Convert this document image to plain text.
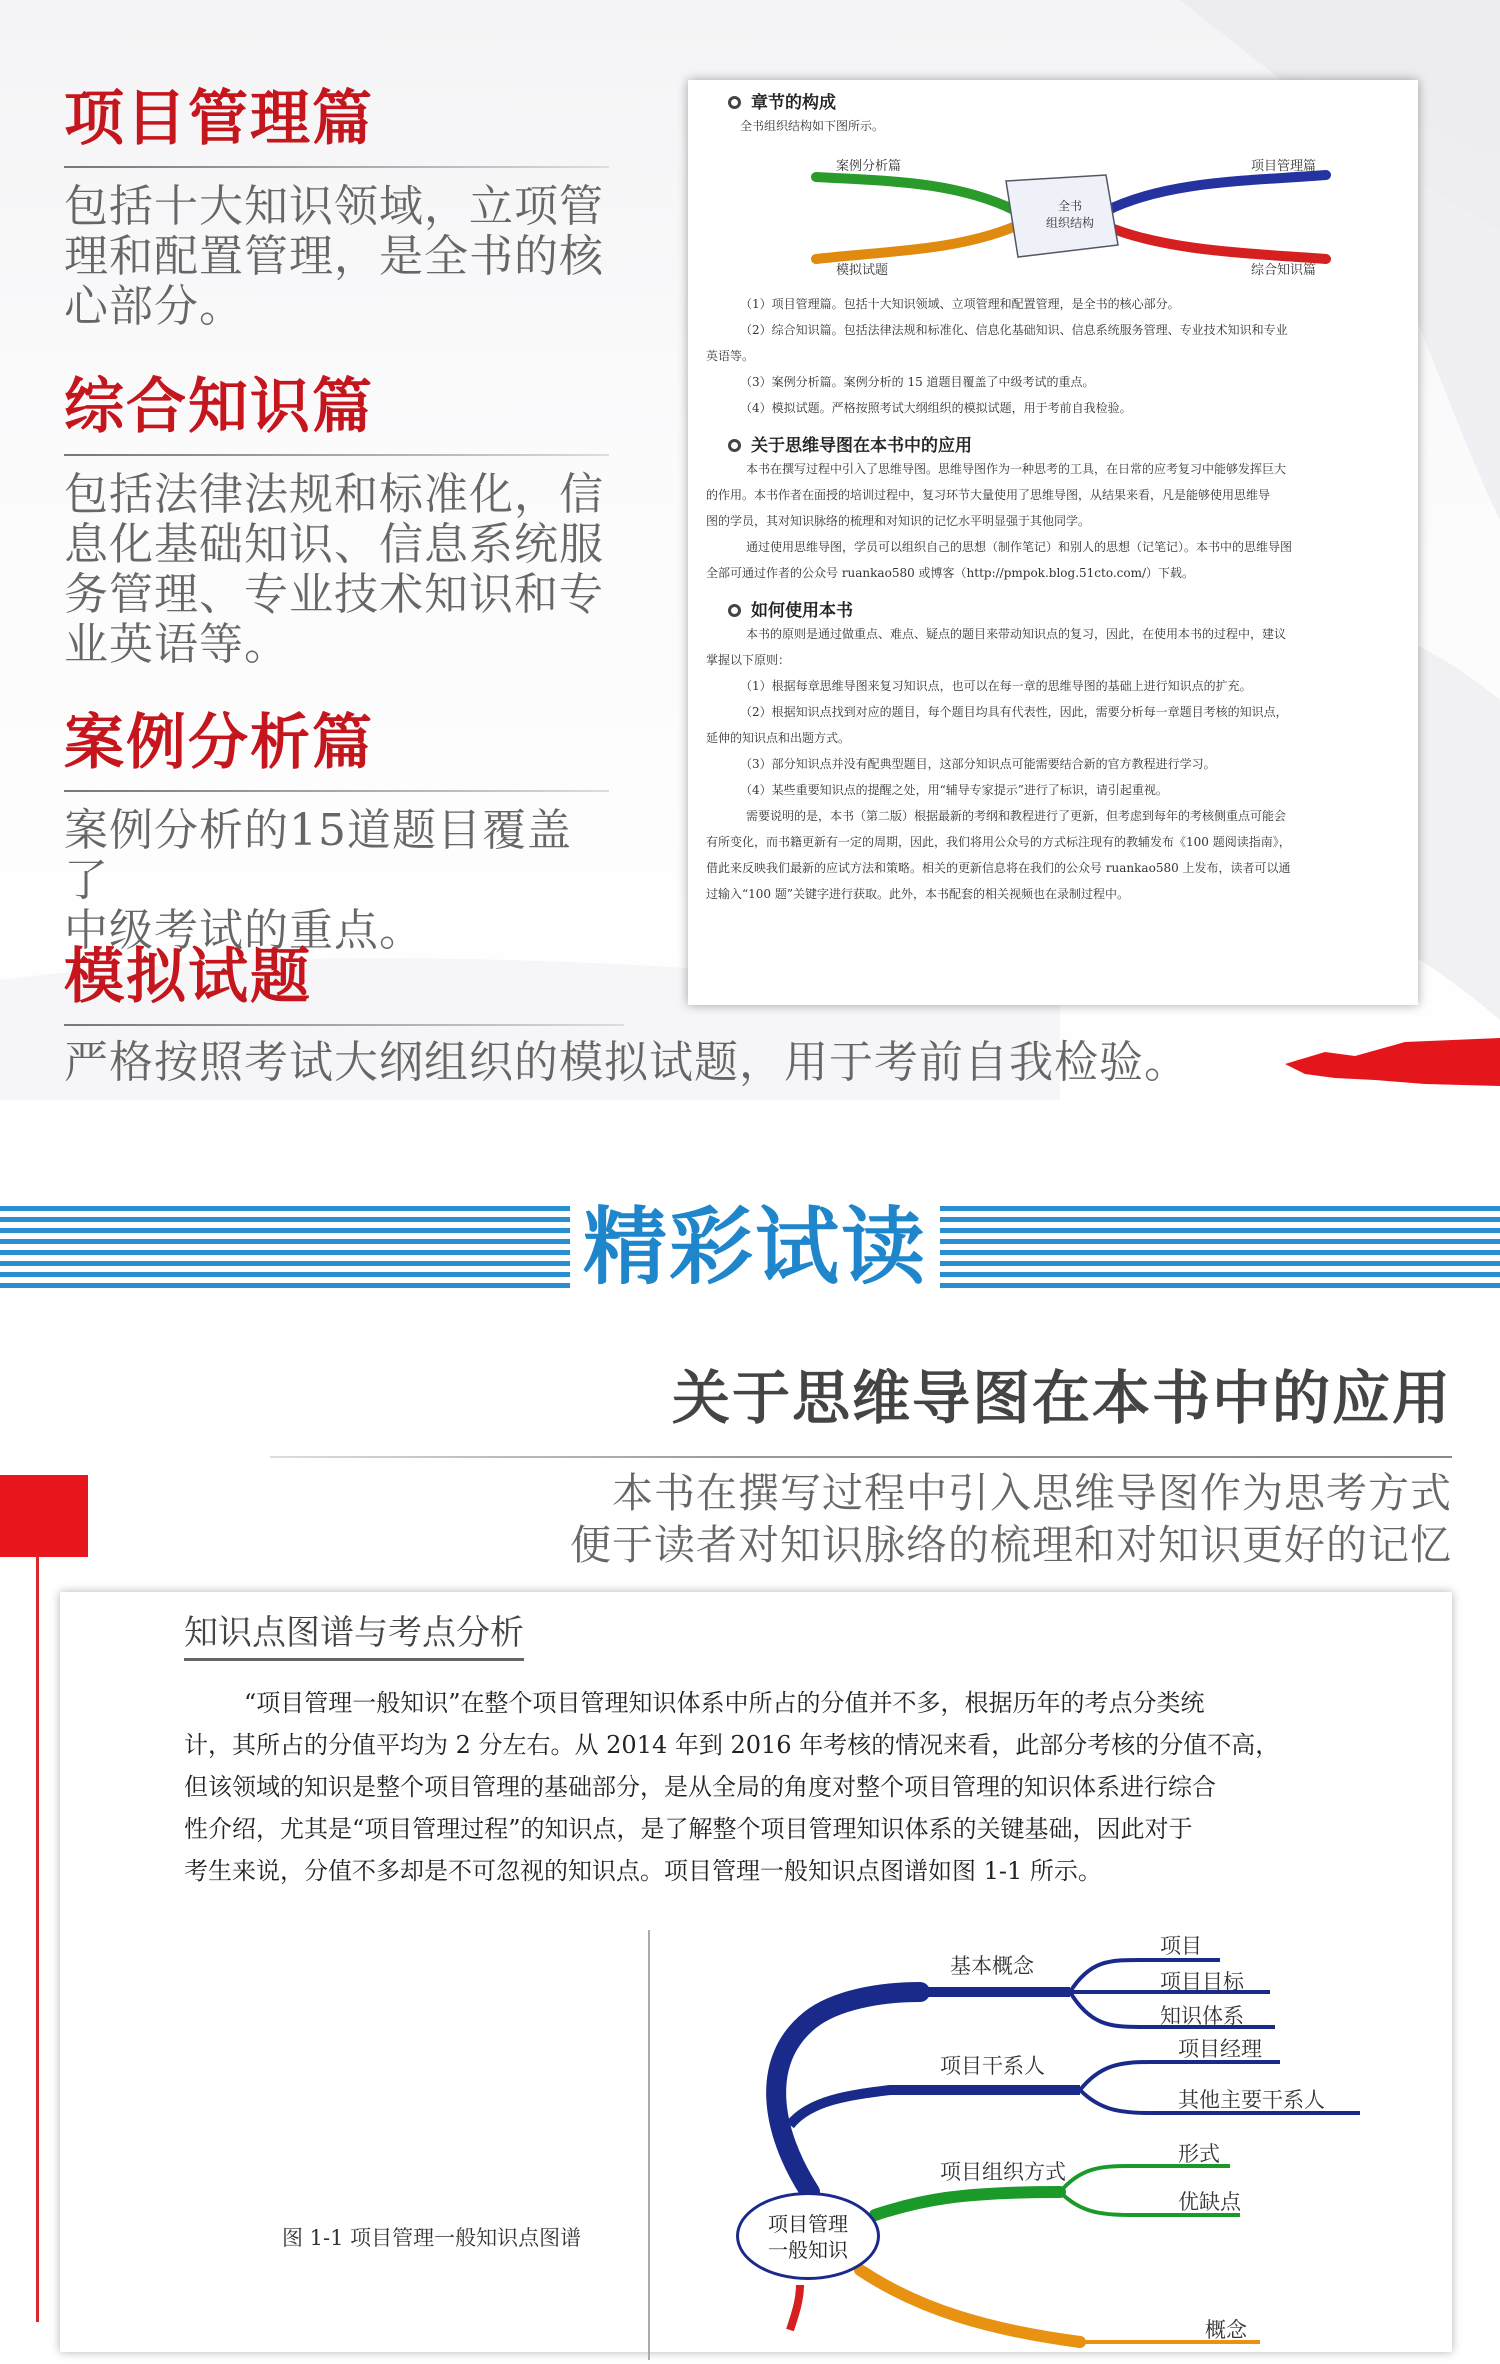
项目管理篇
包括十大知识领域，立项管
理和配置管理，是全书的核
心部分。
综合知识篇
包括法律法规和标准化，信
息化基础知识、信息系统服
务管理、专业技术知识和专
业英语等。
案例分析篇
案例分析的15道题目覆盖了
中级考试的重点。
模拟试题
严格按照考试大纲组织的模拟试题，用于考前自我检验。
章节的构成
全书组织结构如下图所示。
案例分析篇
模拟试题
项目管理篇
综合知识篇
全书
组织结构
（1）项目管理篇。包括十大知识领域、立项管理和配置管理，是全书的核心部分。
（2）综合知识篇。包括法律法规和标准化、信息化基础知识、信息系统服务管理、专业技术知识和专业
英语等。
（3）案例分析篇。案例分析的 15 道题目覆盖了中级考试的重点。
（4）模拟试题。严格按照考试大纲组织的模拟试题，用于考前自我检验。
关于思维导图在本书中的应用
本书在撰写过程中引入了思维导图。思维导图作为一种思考的工具，在日常的应考复习中能够发挥巨大
的作用。本书作者在面授的培训过程中，复习环节大量使用了思维导图，从结果来看，凡是能够使用思维导
图的学员，其对知识脉络的梳理和对知识的记忆水平明显强于其他同学。
通过使用思维导图，学员可以组织自己的思想（制作笔记）和别人的思想（记笔记）。本书中的思维导图
全部可通过作者的公众号 ruankao580 或博客（http://pmpok.blog.51cto.com/）下载。
如何使用本书
本书的原则是通过做重点、难点、疑点的题目来带动知识点的复习，因此，在使用本书的过程中，建议
掌握以下原则：
（1）根据每章思维导图来复习知识点，也可以在每一章的思维导图的基础上进行知识点的扩充。
（2）根据知识点找到对应的题目，每个题目均具有代表性，因此，需要分析每一章题目考核的知识点，
延伸的知识点和出题方式。
（3）部分知识点并没有配典型题目，这部分知识点可能需要结合新的官方教程进行学习。
（4）某些重要知识点的提醒之处，用“辅导专家提示”进行了标识，请引起重视。
需要说明的是，本书（第二版）根据最新的考纲和教程进行了更新，但考虑到每年的考核侧重点可能会
有所变化，而书籍更新有一定的周期，因此，我们将用公众号的方式标注现有的教辅发布《100 题阅读指南》，
借此来反映我们最新的应试方法和策略。相关的更新信息将在我们的公众号 ruankao580 上发布，读者可以通
过输入“100 题”关键字进行获取。此外，本书配套的相关视频也在录制过程中。
精彩试读
关于思维导图在本书中的应用
本书在撰写过程中引入思维导图作为思考方式
便于读者对知识脉络的梳理和对知识更好的记忆
知识点图谱与考点分析

“项目管理一般知识”在整个项目管理知识体系中所占的分值并不多，根据历年的考点分类统

计，其所占的分值平均为 2 分左右。从 2014 年到 2016 年考核的情况来看，此部分考核的分值不高，

但该领域的知识是整个项目管理的基础部分，是从全局的角度对整个项目管理的知识体系进行综合

性介绍，尤其是“项目管理过程”的知识点，是了解整个项目管理知识体系的关键基础，因此对于

考生来说，分值不多却是不可忽视的知识点。项目管理一般知识点图谱如图 1-1 所示。

图 1-1 项目管理一般知识点图谱
基本概念
项目
项目目标
知识体系
项目干系人
项目经理
其他主要干系人
项目组织方式
形式
优缺点
概念
项目管理
一般知识
